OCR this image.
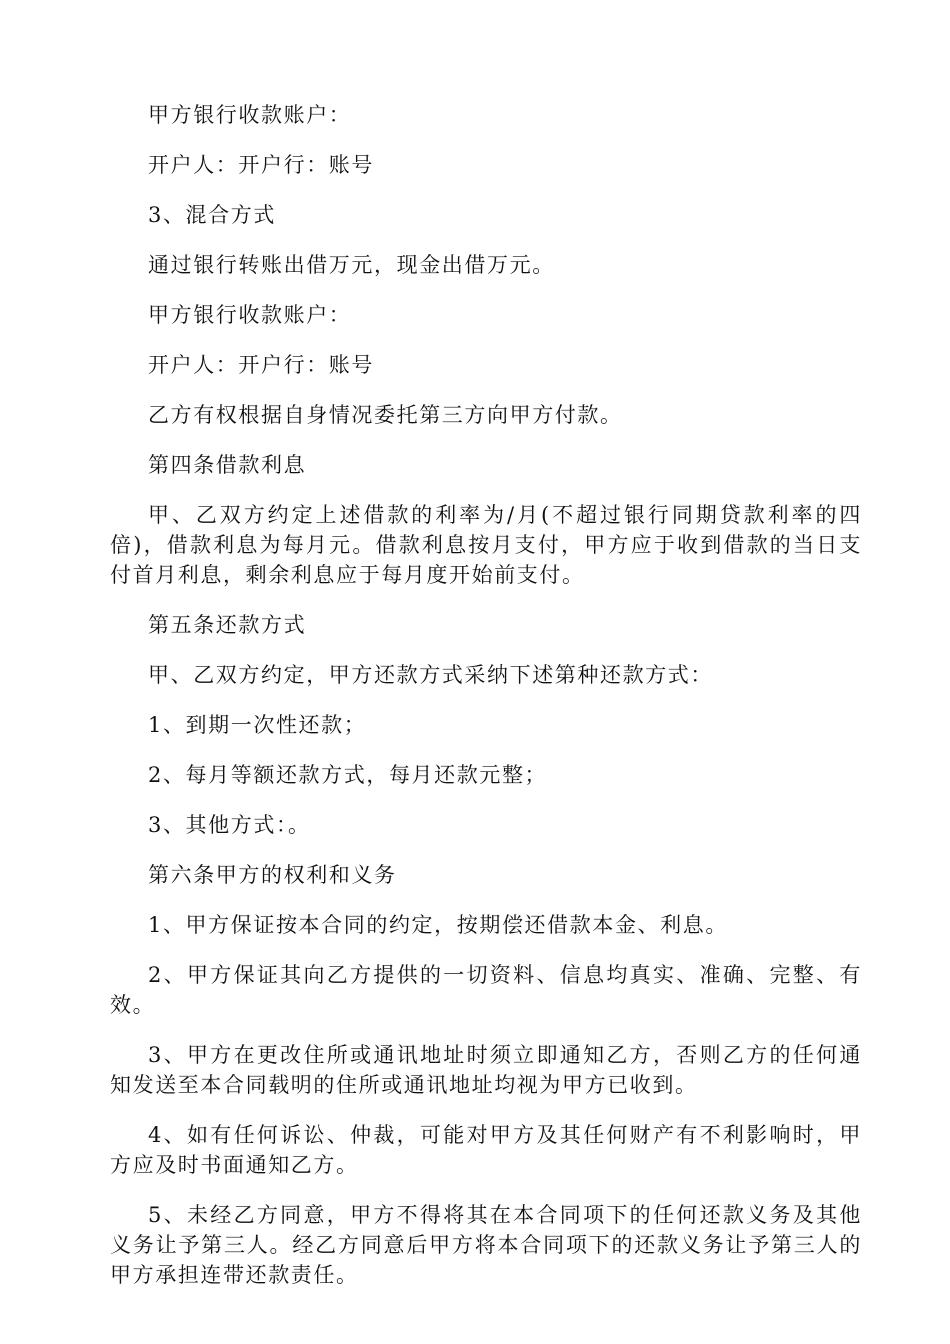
甲方银行收款账户：

开户人：开户行：账号

3、混合方式

通过银行转账出借万元，现金出借万元。

甲方银行收款账户：

开户人：开户行：账号

乙方有权根据自身情况委托第三方向甲方付款。

第四条借款利息

甲、乙双方约定上述借款的利率为/月(不超过银行同期贷款利率的四倍)，借款利息为每月元。借款利息按月支付，甲方应于收到借款的当日支付首月利息，剩余利息应于每月度开始前支付。

第五条还款方式

甲、乙双方约定，甲方还款方式采纳下述第种还款方式：

1、到期一次性还款；

2、每月等额还款方式，每月还款元整；

3、其他方式：。

第六条甲方的权利和义务

1、甲方保证按本合同的约定，按期偿还借款本金、利息。

2、甲方保证其向乙方提供的一切资料、信息均真实、准确、完整、有效。

3、甲方在更改住所或通讯地址时须立即通知乙方，否则乙方的任何通知发送至本合同载明的住所或通讯地址均视为甲方已收到。

4、如有任何诉讼、仲裁，可能对甲方及其任何财产有不利影响时，甲方应及时书面通知乙方。

5、未经乙方同意，甲方不得将其在本合同项下的任何还款义务及其他义务让予第三人。经乙方同意后甲方将本合同项下的还款义务让予第三人的甲方承担连带还款责任。
